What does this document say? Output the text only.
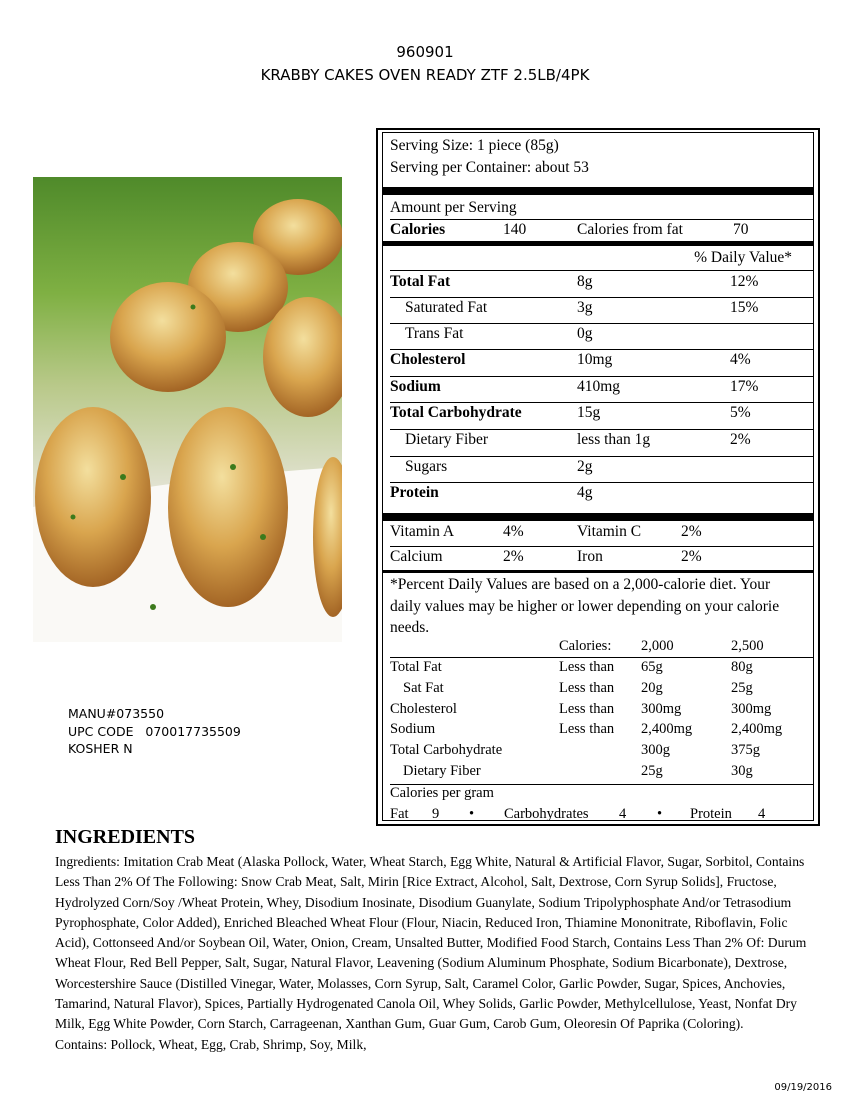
960901
KRABBY CAKES OVEN READY ZTF 2.5LB/4PK
MANU#073550
UPC CODE   070017735509
KOSHER N
Serving Size: 1 piece (85g)
Serving per Container: about 53
Amount per Serving
Calories	140	Calories from fat	70
% Daily Value*
Total Fat	8g	12%
Saturated Fat	3g	15%
Trans Fat	0g
Cholesterol	10mg	4%
Sodium	410mg	17%
Total Carbohydrate	15g	5%
Dietary Fiber	less than 1g	2%
Sugars	2g
Protein	4g
Vitamin A	4%	Vitamin C	2%
Calcium	2%	Iron	2%
*Percent Daily Values are based on a 2,000-calorie diet. Your daily values may be higher or lower depending on your calorie needs.
Calories: 2,000	2,500
Total Fat	Less than 65g	80g
Sat Fat	Less than 20g	25g
Cholesterol	Less than 300mg	300mg
Sodium	Less than 2,400mg	2,400mg
Total Carbohydrate	300g	375g
Dietary Fiber	25g	30g
Calories per gram
Fat 9 • Carbohydrates 4 • Protein 4
INGREDIENTS

Ingredients: Imitation Crab Meat (Alaska Pollock, Water, Wheat Starch, Egg White, Natural & Artificial Flavor, Sugar, Sorbitol, Contains Less Than 2% Of The Following: Snow Crab Meat, Salt, Mirin [Rice Extract, Alcohol, Salt, Dextrose, Corn Syrup Solids], Fructose, Hydrolyzed Corn/Soy /Wheat Protein, Whey, Disodium Inosinate, Disodium Guanylate, Sodium Tripolyphosphate And/or Tetrasodium Pyrophosphate, Color Added), Enriched Bleached Wheat Flour (Flour, Niacin, Reduced Iron, Thiamine Mononitrate, Riboflavin, Folic Acid), Cottonseed And/or Soybean Oil, Water, Onion, Cream, Unsalted Butter, Modified Food Starch, Contains Less Than 2% Of: Durum Wheat Flour, Red Bell Pepper, Salt, Sugar, Natural Flavor, Leavening (Sodium Aluminum Phosphate, Sodium Bicarbonate), Dextrose, Worcestershire Sauce (Distilled Vinegar, Water, Molasses, Corn Syrup, Salt, Caramel Color, Garlic Powder, Sugar, Spices, Anchovies, Tamarind, Natural Flavor), Spices, Partially Hydrogenated Canola Oil, Whey Solids, Garlic Powder, Methylcellulose, Yeast, Nonfat Dry Milk, Egg White Powder, Corn Starch, Carrageenan, Xanthan Gum, Guar Gum, Carob Gum, Oleoresin Of Paprika (Coloring).

Contains: Pollock, Wheat, Egg, Crab, Shrimp, Soy, Milk,

09/19/2016
